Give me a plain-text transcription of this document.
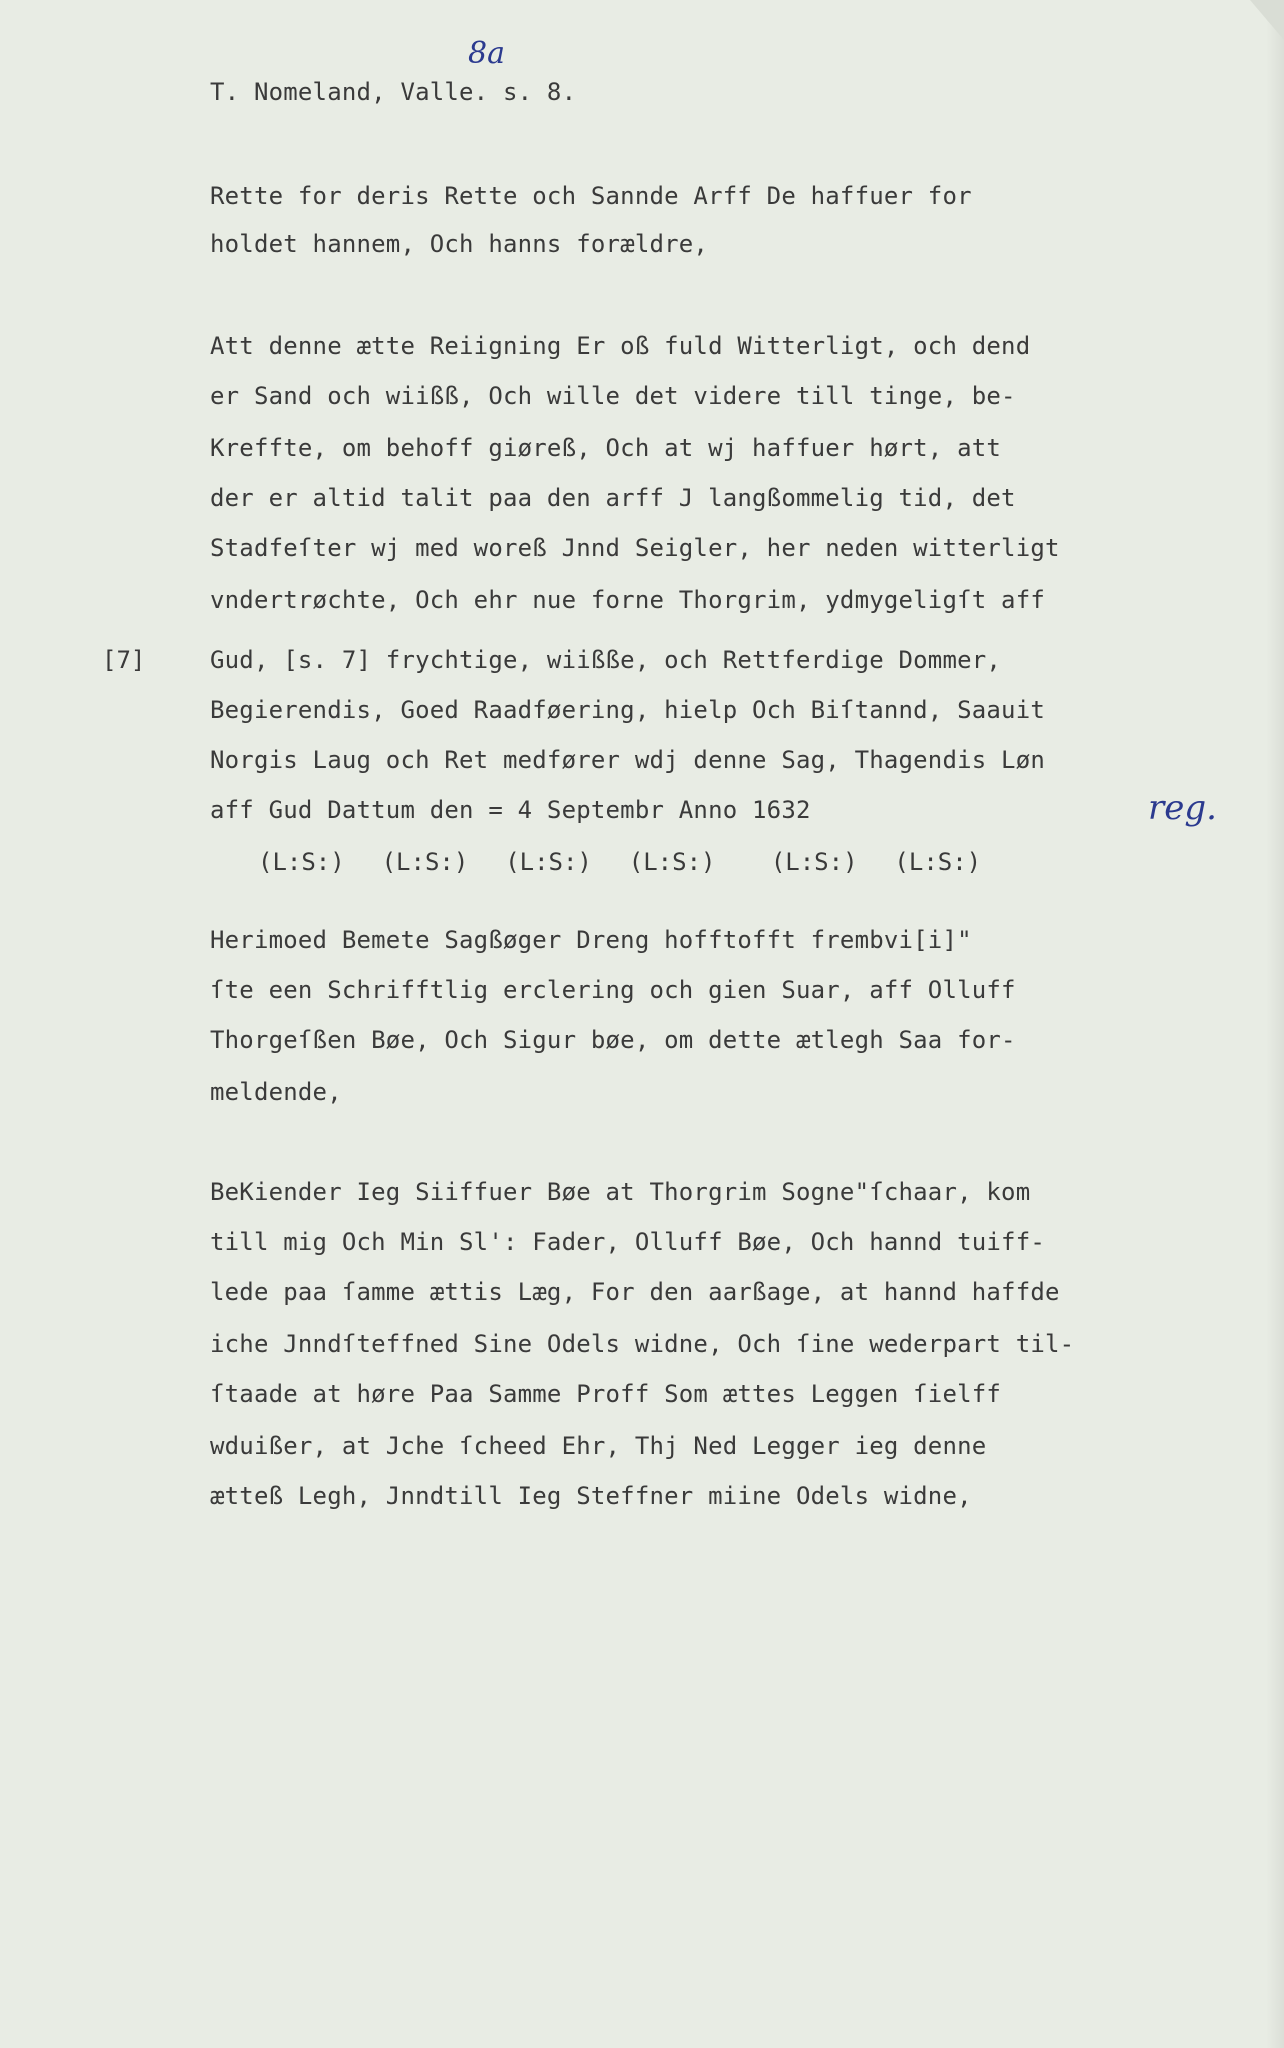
T. Nomeland, Valle. s. 8.
8a
Rette for deris Rette och Sannde Arff De haffuer for
holdet hannem, Och hanns forældre,
Att denne ætte Reiigning Er oß fuld Witterligt, och dend
er Sand och wiißß, Och wille det videre till tinge, be-
Kreffte, om behoff giøreß, Och at wj haffuer hørt, att
der er altid talit paa den arff J langßommelig tid, det
Stadfeſter wj med woreß Jnnd Seigler, her neden witterligt
vndertrøchte, Och ehr nue forne Thorgrim, ydmygeligſt aff
[7]	Gud, [s. 7] frychtige, wiißße, och Rettferdige Dommer,
Begierendis, Goed Raadføering, hielp Och Biſtannd, Saauit
Norgis Laug och Ret medfører wdj denne Sag, Thagendis Løn
aff Gud Dattum den = 4 Septembr Anno 1632	reg.
(L:S:)  (L:S:)  (L:S:)  (L:S:)   (L:S:)  (L:S:)
Herimoed Bemete Sagßøger Dreng hofftofft frembvi[i]"
ſte een Schrifftlig erclering och gien Suar, aff Olluff
Thorgeſßen Bøe, Och Sigur bøe, om dette ætlegh Saa for-
meldende,
BeKiender Ieg Siiffuer Bøe at Thorgrim Sogne"ſchaar, kom
till mig Och Min Sl': Fader, Olluff Bøe, Och hannd tuiff-
lede paa ſamme ættis Læg, For den aarßage, at hannd haffde
iche Jnndſteffned Sine Odels widne, Och ſine wederpart til-
ſtaade at høre Paa Samme Proff Som ættes Leggen ſielff
wduißer, at Jche ſcheed Ehr, Thj Ned Legger ieg denne
ætteß Legh, Jnndtill Ieg Steffner miine Odels widne,
